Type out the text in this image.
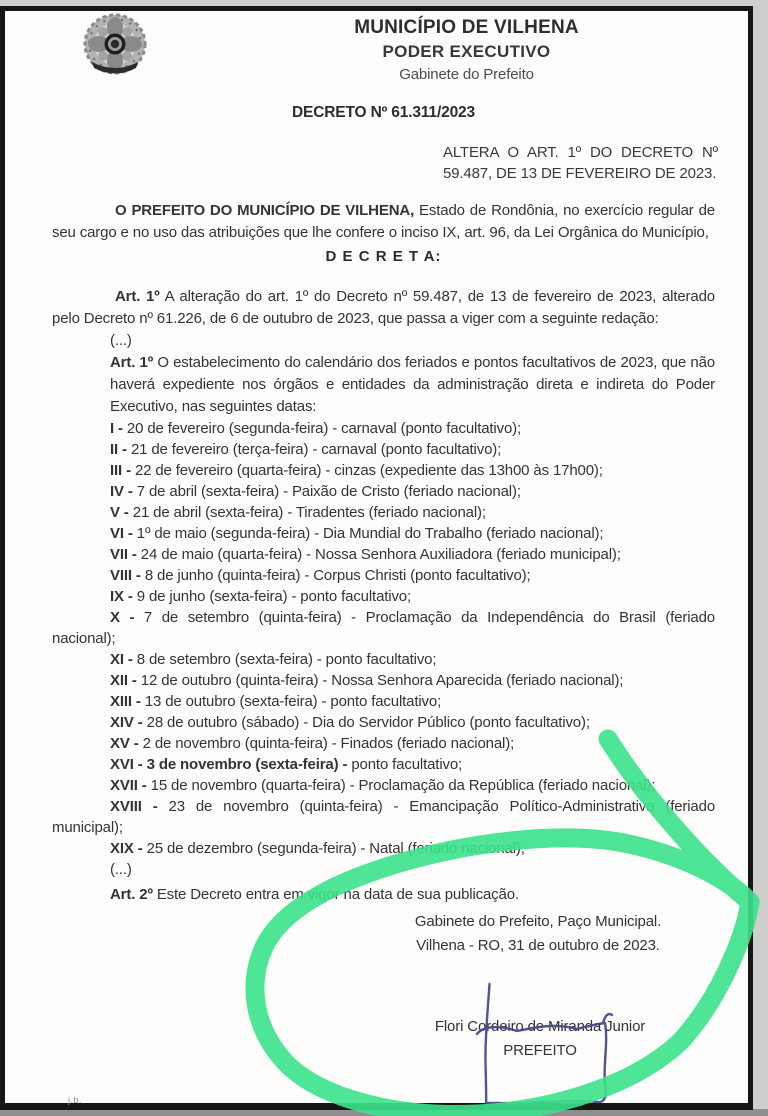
MUNICÍPIO DE VILHENA
PODER EXECUTIVO
Gabinete do Prefeito

DECRETO Nº 61.311/2023

ALTERA O ART. 1º DO DECRETO Nº 59.487, DE 13 DE FEVEREIRO DE 2023.

O PREFEITO DO MUNICÍPIO DE VILHENA, Estado de Rondônia, no exercício regular de seu cargo e no uso das atribuições que lhe confere o inciso IX, art. 96, da Lei Orgânica do Município,

D E C R E T A:

Art. 1º A alteração do art. 1º do Decreto nº 59.487, de 13 de fevereiro de 2023, alterado pelo Decreto nº 61.226, de 6 de outubro de 2023, que passa a viger com a seguinte redação:

(...)

Art. 1º O estabelecimento do calendário dos feriados e pontos facultativos de 2023, que não haverá expediente nos órgãos e entidades da administração direta e indireta do Poder Executivo, nas seguintes datas:

I - 20 de fevereiro (segunda-feira) - carnaval (ponto facultativo);

II - 21 de fevereiro (terça-feira) - carnaval (ponto facultativo);

III - 22 de fevereiro (quarta-feira) - cinzas (expediente das 13h00 às 17h00);

IV - 7 de abril (sexta-feira) - Paixão de Cristo (feriado nacional);

V - 21 de abril (sexta-feira) - Tiradentes (feriado nacional);

VI - 1º de maio (segunda-feira) - Dia Mundial do Trabalho (feriado nacional);

VII - 24 de maio (quarta-feira) - Nossa Senhora Auxiliadora (feriado municipal);

VIII - 8 de junho (quinta-feira) - Corpus Christi (ponto facultativo);

IX - 9 de junho (sexta-feira) - ponto facultativo;

X - 7 de setembro (quinta-feira) - Proclamação da Independência do Brasil (feriado nacional);

XI - 8 de setembro (sexta-feira) - ponto facultativo;

XII - 12 de outubro (quinta-feira) - Nossa Senhora Aparecida (feriado nacional);

XIII - 13 de outubro (sexta-feira) - ponto facultativo;

XIV - 28 de outubro (sábado) - Dia do Servidor Público (ponto facultativo);

XV - 2 de novembro (quinta-feira) - Finados (feriado nacional);

XVI - 3 de novembro (sexta-feira) - ponto facultativo;

XVII - 15 de novembro (quarta-feira) - Proclamação da República (feriado nacional);

XVIII - 23 de novembro (quinta-feira) - Emancipação Político-Administrativa (feriado municipal);

XIX - 25 de dezembro (segunda-feira) - Natal (feriado nacional);

(...)

Art. 2º Este Decreto entra em vigor na data de sua publicação.

Gabinete do Prefeito, Paço Municipal.
Vilhena - RO, 31 de outubro de 2023.
Flori Cordeiro de Miranda Junior
PREFEITO
j.b.
